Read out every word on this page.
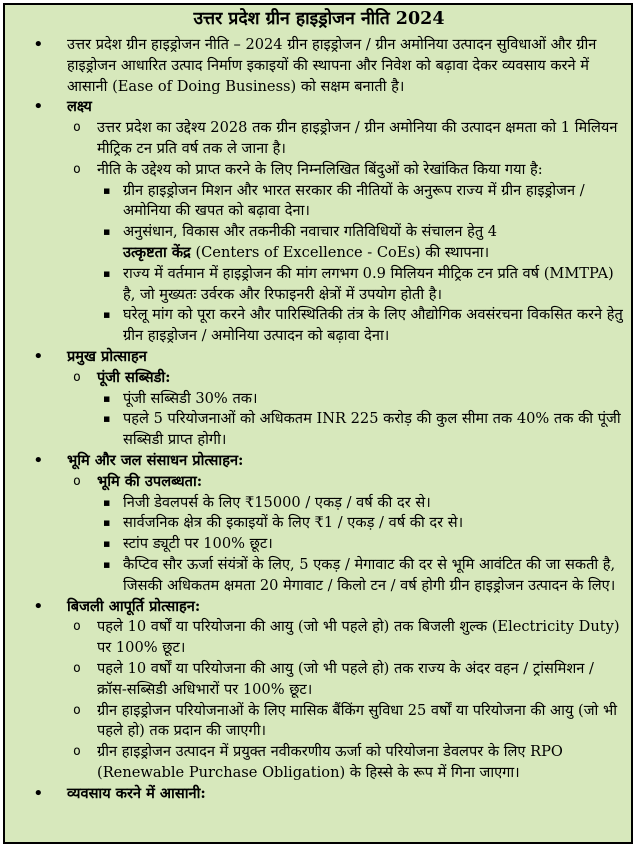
उत्तर प्रदेश ग्रीन हाइड्रोजन नीति 2024
• उत्तर प्रदेश ग्रीन हाइड्रोजन नीति – 2024 ग्रीन हाइड्रोजन / ग्रीन अमोनिया उत्पादन सुविधाओं और ग्रीन हाइड्रोजन आधारित उत्पाद निर्माण इकाइयों की स्थापना और निवेश को बढ़ावा देकर व्यवसाय करने में आसानी (Ease of Doing Business) को सक्षम बनाती है।
• लक्ष्य
o उत्तर प्रदेश का उद्देश्य 2028 तक ग्रीन हाइड्रोजन / ग्रीन अमोनिया की उत्पादन क्षमता को 1 मिलियन मीट्रिक टन प्रति वर्ष तक ले जाना है।
o नीति के उद्देश्य को प्राप्त करने के लिए निम्नलिखित बिंदुओं को रेखांकित किया गया है:
▪ ग्रीन हाइड्रोजन मिशन और भारत सरकार की नीतियों के अनुरूप राज्य में ग्रीन हाइड्रोजन / अमोनिया की खपत को बढ़ावा देना।
▪ अनुसंधान, विकास और तकनीकी नवाचार गतिविधियों के संचालन हेतु 4
उत्कृष्टता केंद्र (Centers of Excellence - CoEs) की स्थापना।
▪ राज्य में वर्तमान में हाइड्रोजन की मांग लगभग 0.9 मिलियन मीट्रिक टन प्रति वर्ष (MMTPA) है, जो मुख्यतः उर्वरक और रिफाइनरी क्षेत्रों में उपयोग होती है।
▪ घरेलू मांग को पूरा करने और पारिस्थितिकी तंत्र के लिए औद्योगिक अवसंरचना विकसित करने हेतु ग्रीन हाइड्रोजन / अमोनिया उत्पादन को बढ़ावा देना।
• प्रमुख प्रोत्साहन
o पूंजी सब्सिडी:
▪ पूंजी सब्सिडी 30% तक।
▪ पहले 5 परियोजनाओं को अधिकतम INR 225 करोड़ की कुल सीमा तक 40% तक की पूंजी सब्सिडी प्राप्त होगी।
• भूमि और जल संसाधन प्रोत्साहन:
o भूमि की उपलब्धता:
▪ निजी डेवलपर्स के लिए ₹15000 / एकड़ / वर्ष की दर से।
▪ सार्वजनिक क्षेत्र की इकाइयों के लिए ₹1 / एकड़ / वर्ष की दर से।
▪ स्टांप ड्यूटी पर 100% छूट।
▪ कैप्टिव सौर ऊर्जा संयंत्रों के लिए, 5 एकड़ / मेगावाट की दर से भूमि आवंटित की जा सकती है, जिसकी अधिकतम क्षमता 20 मेगावाट / किलो टन / वर्ष होगी ग्रीन हाइड्रोजन उत्पादन के लिए।
• बिजली आपूर्ति प्रोत्साहन:
o पहले 10 वर्षों या परियोजना की आयु (जो भी पहले हो) तक बिजली शुल्क (Electricity Duty) पर 100% छूट।
o पहले 10 वर्षों या परियोजना की आयु (जो भी पहले हो) तक राज्य के अंदर वहन / ट्रांसमिशन / क्रॉस-सब्सिडी अधिभारों पर 100% छूट।
o ग्रीन हाइड्रोजन परियोजनाओं के लिए मासिक बैंकिंग सुविधा 25 वर्षों या परियोजना की आयु (जो भी पहले हो) तक प्रदान की जाएगी।
o ग्रीन हाइड्रोजन उत्पादन में प्रयुक्त नवीकरणीय ऊर्जा को परियोजना डेवलपर के लिए RPO (Renewable Purchase Obligation) के हिस्से के रूप में गिना जाएगा।
• व्यवसाय करने में आसानी:
